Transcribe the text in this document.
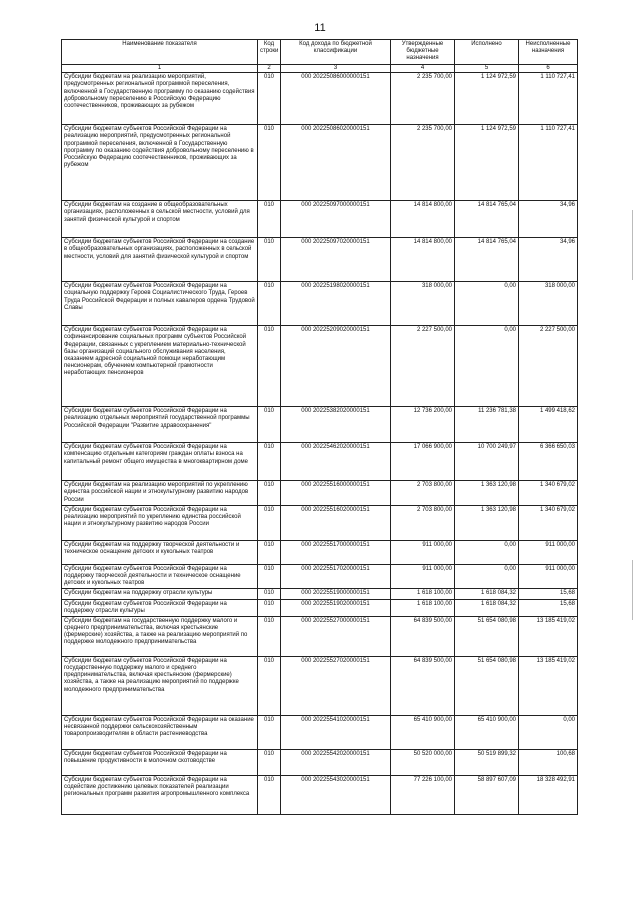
11
Наименование показателя	Код строки	Код дохода по бюджетной классификации	Утвержденные бюджетные назначения	Исполнено	Неисполненные назначения
1	2	3	4	5	6
Субсидии бюджетам на реализацию мероприятий, предусмотренных региональной программой переселения, включенной в Государственную программу по оказанию содействия добровольному переселению в Российскую Федерацию соотечественников, проживающих за рубежом	010	000 20225086000000151	2 235 700,00	1 124 972,59	1 110 727,41
Субсидии бюджетам субъектов Российской Федерации на реализацию мероприятий, предусмотренных региональной программой переселения, включенной в Государственную программу по оказанию содействия добровольному переселению в Российскую Федерацию соотечественников, проживающих за рубежом	010	000 20225086020000151	2 235 700,00	1 124 972,59	1 110 727,41
Субсидии бюджетам на создание в общеобразовательных организациях, расположенных в сельской местности, условий для занятий физической культурой и спортом	010	000 20225097000000151	14 814 800,00	14 814 765,04	34,96
Субсидии бюджетам субъектов Российской Федерации на создание в общеобразовательных организациях, расположенных в сельской местности, условий для занятий физической культурой и спортом	010	000 20225097020000151	14 814 800,00	14 814 765,04	34,96
Субсидии бюджетам субъектов Российской Федерации на социальную поддержку Героев Социалистического Труда, Героев Труда Российской Федерации и полных кавалеров ордена Трудовой Славы	010	000 20225198020000151	318 000,00	0,00	318 000,00
Субсидии бюджетам субъектов Российской Федерации на софинансирование социальных программ субъектов Российской Федерации, связанных с укреплением материально-технической базы организаций социального обслуживания населения, оказанием адресной социальной помощи неработающим пенсионерам, обучением компьютерной грамотности неработающих пенсионеров	010	000 20225209020000151	2 227 500,00	0,00	2 227 500,00
Субсидии бюджетам субъектов Российской Федерации на реализацию отдельных мероприятий государственной программы Российской Федерации "Развитие здравоохранения"	010	000 20225382020000151	12 736 200,00	11 236 781,38	1 499 418,62
Субсидии бюджетам субъектов Российской Федерации на компенсацию отдельным категориям граждан оплаты взноса на капитальный ремонт общего имущества в многоквартирном доме	010	000 20225462020000151	17 066 900,00	10 700 249,97	6 366 650,03
Субсидии бюджетам на реализацию мероприятий по укреплению единства российской нации и этнокультурному развитию народов России	010	000 20225516000000151	2 703 800,00	1 363 120,98	1 340 679,02
Субсидии бюджетам субъектов Российской Федерации на реализацию мероприятий по укреплению единства российской нации и этнокультурному развитию народов России	010	000 20225516020000151	2 703 800,00	1 363 120,98	1 340 679,02
Субсидии бюджетам на поддержку творческой деятельности и техническое оснащение детских и кукольных театров	010	000 20225517000000151	911 000,00	0,00	911 000,00
Субсидии бюджетам субъектов Российской Федерации на поддержку творческой деятельности и техническое оснащение детских и кукольных театров	010	000 20225517020000151	911 000,00	0,00	911 000,00
Субсидии бюджетам на поддержку отрасли культуры	010	000 20225519000000151	1 618 100,00	1 618 084,32	15,68
Субсидии бюджетам субъектов Российской Федерации на поддержку отрасли культуры	010	000 20225519020000151	1 618 100,00	1 618 084,32	15,68
Субсидии бюджетам на государственную поддержку малого и среднего предпринимательства, включая крестьянские (фермерские) хозяйства, а также на реализацию мероприятий по поддержке молодежного предпринимательства	010	000 20225527000000151	64 839 500,00	51 654 080,98	13 185 419,02
Субсидии бюджетам субъектов Российской Федерации на государственную поддержку малого и среднего предпринимательства, включая крестьянские (фермерские) хозяйства, а также на реализацию мероприятий по поддержке молодежного предпринимательства	010	000 20225527020000151	64 839 500,00	51 654 080,98	13 185 419,02
Субсидии бюджетам субъектов Российской Федерации на оказание несвязанной поддержки сельскохозяйственным товаропроизводителям в области растениеводства	010	000 20225541020000151	65 410 900,00	65 410 900,00	0,00
Субсидии бюджетам субъектов Российской Федерации на повышение продуктивности в молочном скотоводстве	010	000 20225542020000151	50 520 000,00	50 519 899,32	100,68
Субсидии бюджетам субъектов Российской Федерации на содействие достижению целевых показателей реализации региональных программ развития агропромышленного комплекса	010	000 20225543020000151	77 226 100,00	58 897 607,09	18 328 492,91
